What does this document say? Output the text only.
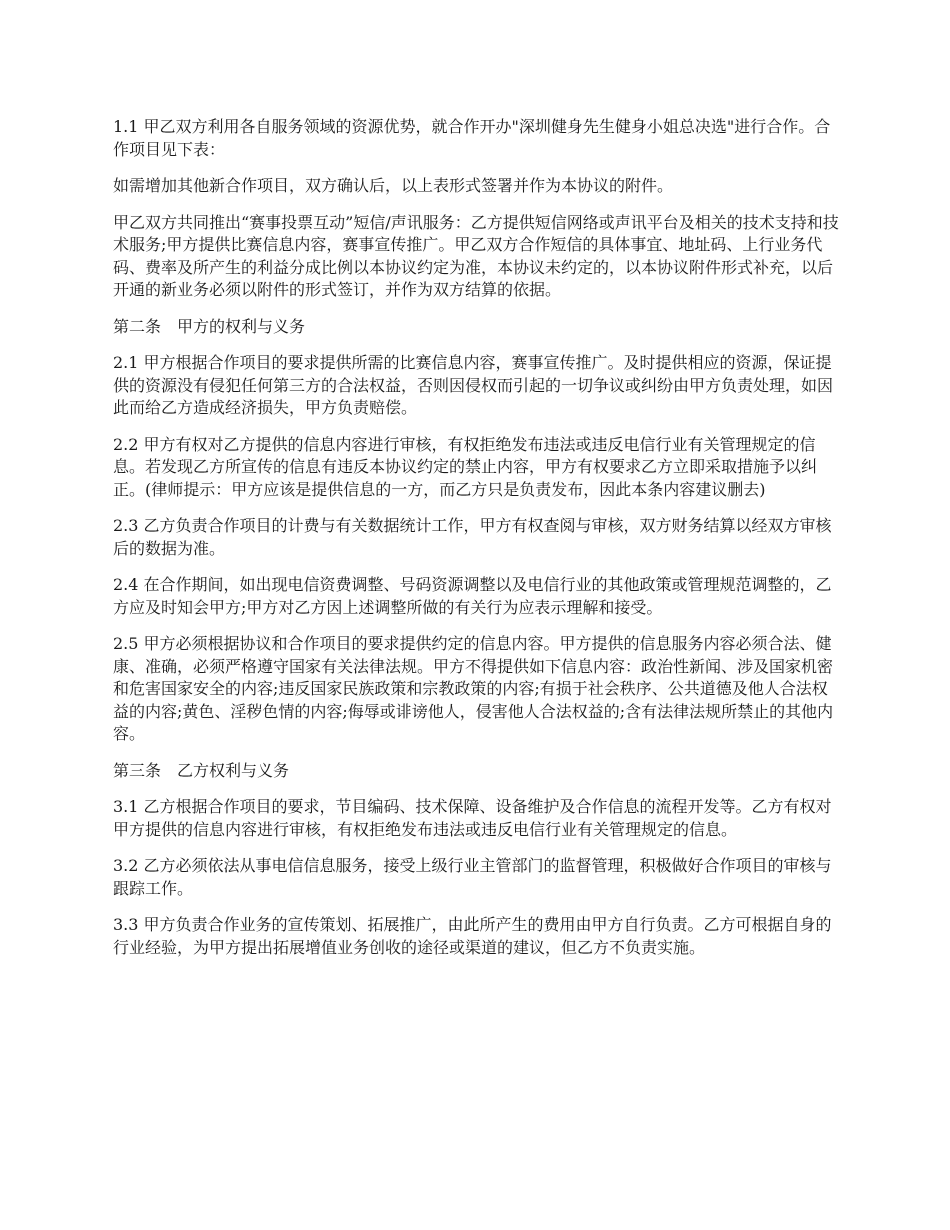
1.1 甲乙双方利用各自服务领域的资源优势，就合作开办"深圳健身先生健身小姐总决选"进行合作。合作项目见下表：

如需增加其他新合作项目，双方确认后，以上表形式签署并作为本协议的附件。

甲乙双方共同推出“赛事投票互动”短信/声讯服务：乙方提供短信网络或声讯平台及相关的技术支持和技术服务;甲方提供比赛信息内容，赛事宣传推广。甲乙双方合作短信的具体事宜、地址码、上行业务代码、费率及所产生的利益分成比例以本协议约定为准，本协议未约定的，以本协议附件形式补充，以后开通的新业务必须以附件的形式签订，并作为双方结算的依据。

第二条　甲方的权利与义务

2.1 甲方根据合作项目的要求提供所需的比赛信息内容，赛事宣传推广。及时提供相应的资源，保证提供的资源没有侵犯任何第三方的合法权益，否则因侵权而引起的一切争议或纠纷由甲方负责处理，如因此而给乙方造成经济损失，甲方负责赔偿。

2.2 甲方有权对乙方提供的信息内容进行审核，有权拒绝发布违法或违反电信行业有关管理规定的信息。若发现乙方所宣传的信息有违反本协议约定的禁止内容，甲方有权要求乙方立即采取措施予以纠正。(律师提示：甲方应该是提供信息的一方，而乙方只是负责发布，因此本条内容建议删去)

2.3 乙方负责合作项目的计费与有关数据统计工作，甲方有权查阅与审核，双方财务结算以经双方审核后的数据为准。

2.4 在合作期间，如出现电信资费调整、号码资源调整以及电信行业的其他政策或管理规范调整的，乙方应及时知会甲方;甲方对乙方因上述调整所做的有关行为应表示理解和接受。

2.5 甲方必须根据协议和合作项目的要求提供约定的信息内容。甲方提供的信息服务内容必须合法、健康、准确，必须严格遵守国家有关法律法规。甲方不得提供如下信息内容：政治性新闻、涉及国家机密和危害国家安全的内容;违反国家民族政策和宗教政策的内容;有损于社会秩序、公共道德及他人合法权益的内容;黄色、淫秽色情的内容;侮辱或诽谤他人，侵害他人合法权益的;含有法律法规所禁止的其他内容。

第三条　乙方权利与义务

3.1 乙方根据合作项目的要求，节目编码、技术保障、设备维护及合作信息的流程开发等。乙方有权对甲方提供的信息内容进行审核，有权拒绝发布违法或违反电信行业有关管理规定的信息。

3.2 乙方必须依法从事电信信息服务，接受上级行业主管部门的监督管理，积极做好合作项目的审核与跟踪工作。

3.3 甲方负责合作业务的宣传策划、拓展推广，由此所产生的费用由甲方自行负责。乙方可根据自身的行业经验，为甲方提出拓展增值业务创收的途径或渠道的建议，但乙方不负责实施。
